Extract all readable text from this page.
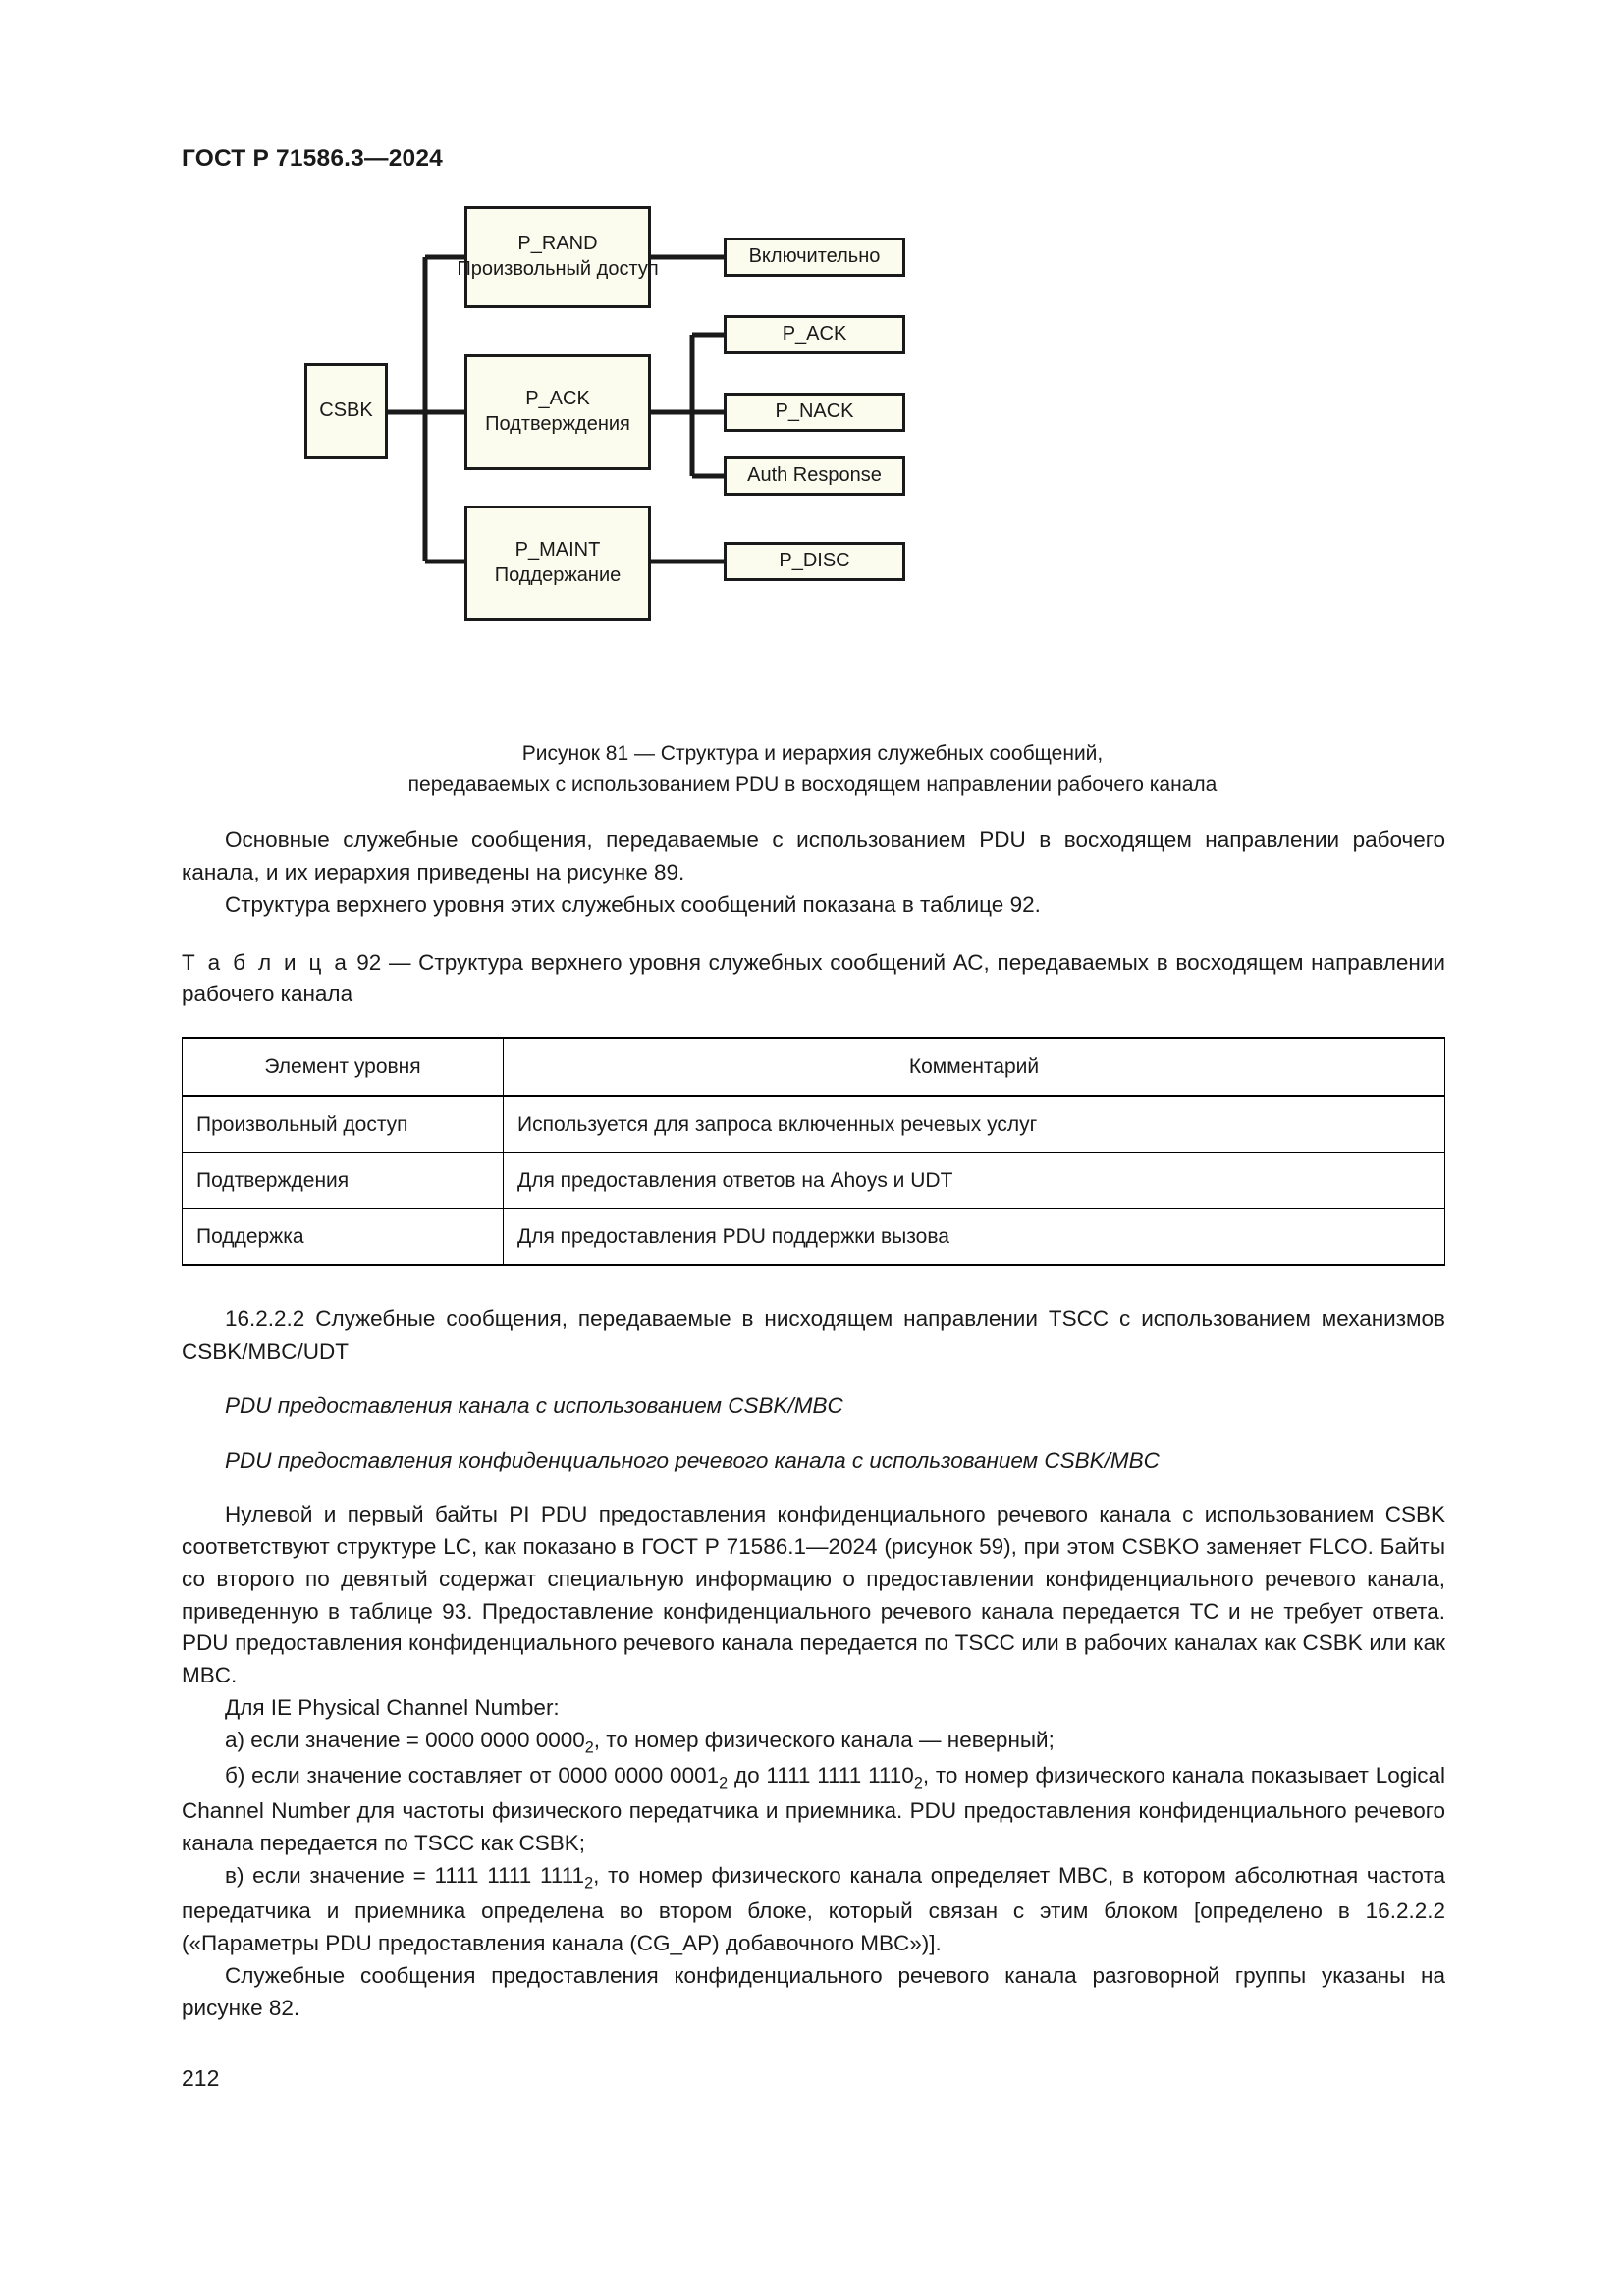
ГОСТ Р 71586.3—2024
CSBK
P_RAND
Произвольный доступ
P_ACK
Подтверждения
P_MAINT
Поддержание
Включительно
P_ACK
P_NACK
Auth Response
P_DISC
Рисунок 81 — Структура и иерархия служебных сообщений,
передаваемых с использованием PDU в восходящем направлении рабочего канала

Основные служебные сообщения, передаваемые с использованием PDU в восходящем направлении рабочего канала, и их иерархия приведены на рисунке 89.

Структура верхнего уровня этих служебных сообщений показана в таблице 92.

Т а б л и ц а 92 — Структура верхнего уровня служебных сообщений АС, передаваемых в восходящем направлении рабочего канала

Элемент уровня	Комментарий
Произвольный доступ	Используется для запроса включенных речевых услуг
Подтверждения	Для предоставления ответов на Ahoys и UDT
Поддержка	Для предоставления PDU поддержки вызова

16.2.2.2 Служебные сообщения, передаваемые в нисходящем направлении TSCC с использованием механизмов CSBK/MBC/UDT

PDU предоставления канала с использованием CSBK/MBC

PDU предоставления конфиденциального речевого канала с использованием CSBK/MBC

Нулевой и первый байты PI PDU предоставления конфиденциального речевого канала с использованием CSBK соответствуют структуре LC, как показано в ГОСТ Р 71586.1—2024 (рисунок 59), при этом CSBKO заменяет FLCO. Байты со второго по девятый содержат специальную информацию о предоставлении конфиденциального речевого канала, приведенную в таблице 93. Предоставление конфиденциального речевого канала передается ТС и не требует ответа. PDU предоставления конфиденциального речевого канала передается по TSCC или в рабочих каналах как CSBK или как MBC.

Для IE Physical Channel Number:

а) если значение = 0000 0000 $0000_2$, то номер физического канала — неверный;

б) если значение составляет от 0000 0000 $0001_2$ до 1111 1111 $1110_2$, то номер физического канала показывает Logical Channel Number для частоты физического передатчика и приемника. PDU предоставления конфиденциального речевого канала передается по TSCC как CSBK;

в) если значение = 1111 1111 $1111_2$, то номер физического канала определяет MBC, в котором абсолютная частота передатчика и приемника определена во втором блоке, который связан с этим блоком [определено в 16.2.2.2 («Параметры PDU предоставления канала (CG_AP) добавочного MBC»)].

Служебные сообщения предоставления конфиденциального речевого канала разговорной группы указаны на рисунке 82.

212
